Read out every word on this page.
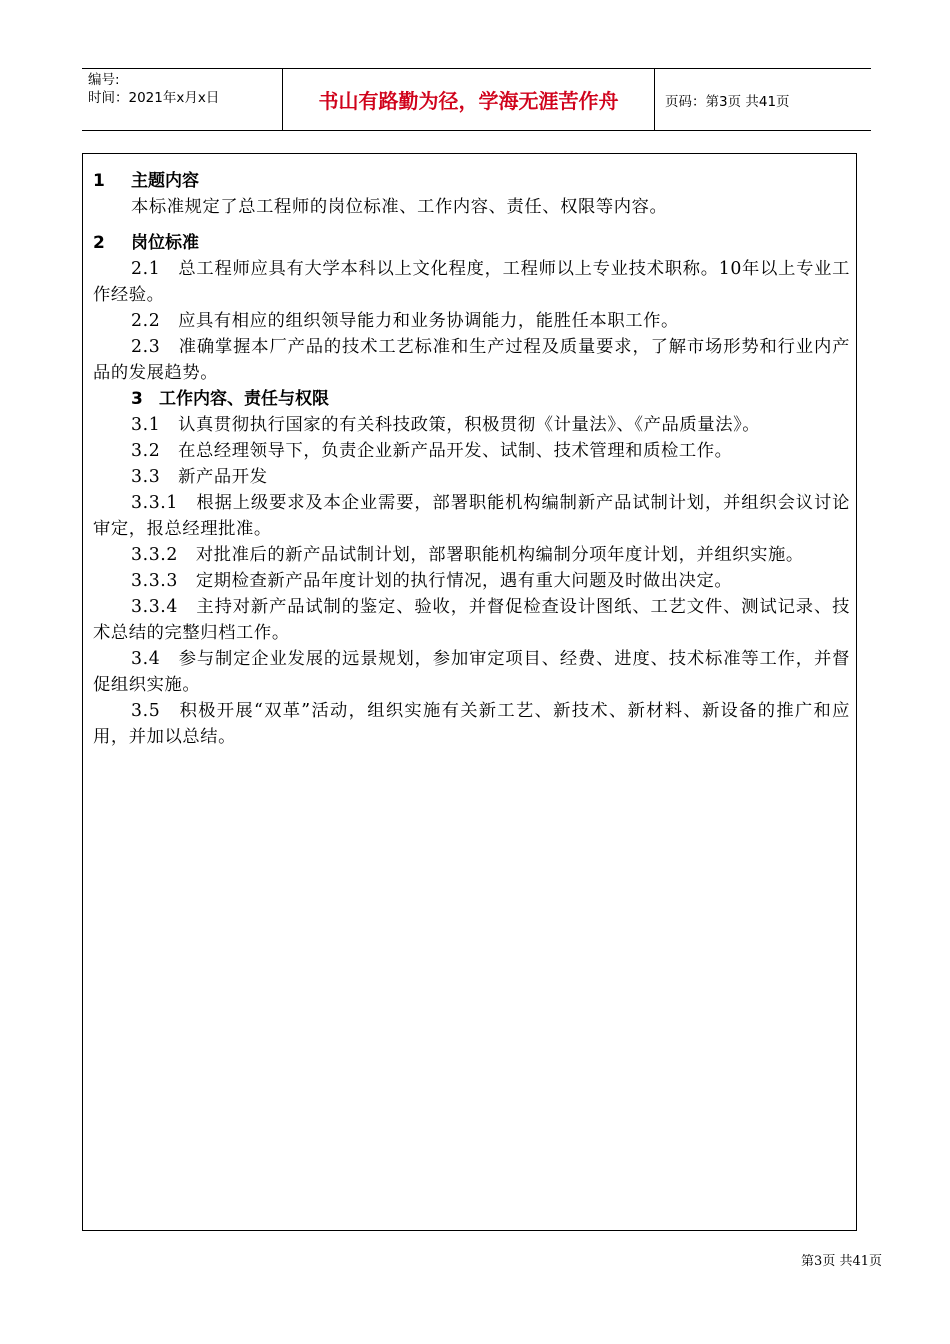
编号:
时间：2021年x月x日	书山有路勤为径，学海无涯苦作舟	页码：第3页 共41页
1 主题内容
本标准规定了总工程师的岗位标准、工作内容、责任、权限等内容。
2 岗位标准
2.1　总工程师应具有大学本科以上文化程度，工程师以上专业技术职称。10年以上专业工作经验。
2.2　应具有相应的组织领导能力和业务协调能力，能胜任本职工作。
2.3　准确掌握本厂产品的技术工艺标准和生产过程及质量要求，了解市场形势和行业内产品的发展趋势。
3 工作内容、责任与权限
3.1　认真贯彻执行国家的有关科技政策，积极贯彻《计量法》、《产品质量法》。
3.2　在总经理领导下，负责企业新产品开发、试制、技术管理和质检工作。
3.3　新产品开发
3.3.1　根据上级要求及本企业需要，部署职能机构编制新产品试制计划，并组织会议讨论审定，报总经理批准。
3.3.2　对批准后的新产品试制计划，部署职能机构编制分项年度计划，并组织实施。
3.3.3　定期检查新产品年度计划的执行情况，遇有重大问题及时做出决定。
3.3.4　主持对新产品试制的鉴定、验收，并督促检查设计图纸、工艺文件、测试记录、技术总结的完整归档工作。
3.4　参与制定企业发展的远景规划，参加审定项目、经费、进度、技术标准等工作，并督促组织实施。
3.5　积极开展“双革”活动，组织实施有关新工艺、新技术、新材料、新设备的推广和应用，并加以总结。
第3页 共41页
